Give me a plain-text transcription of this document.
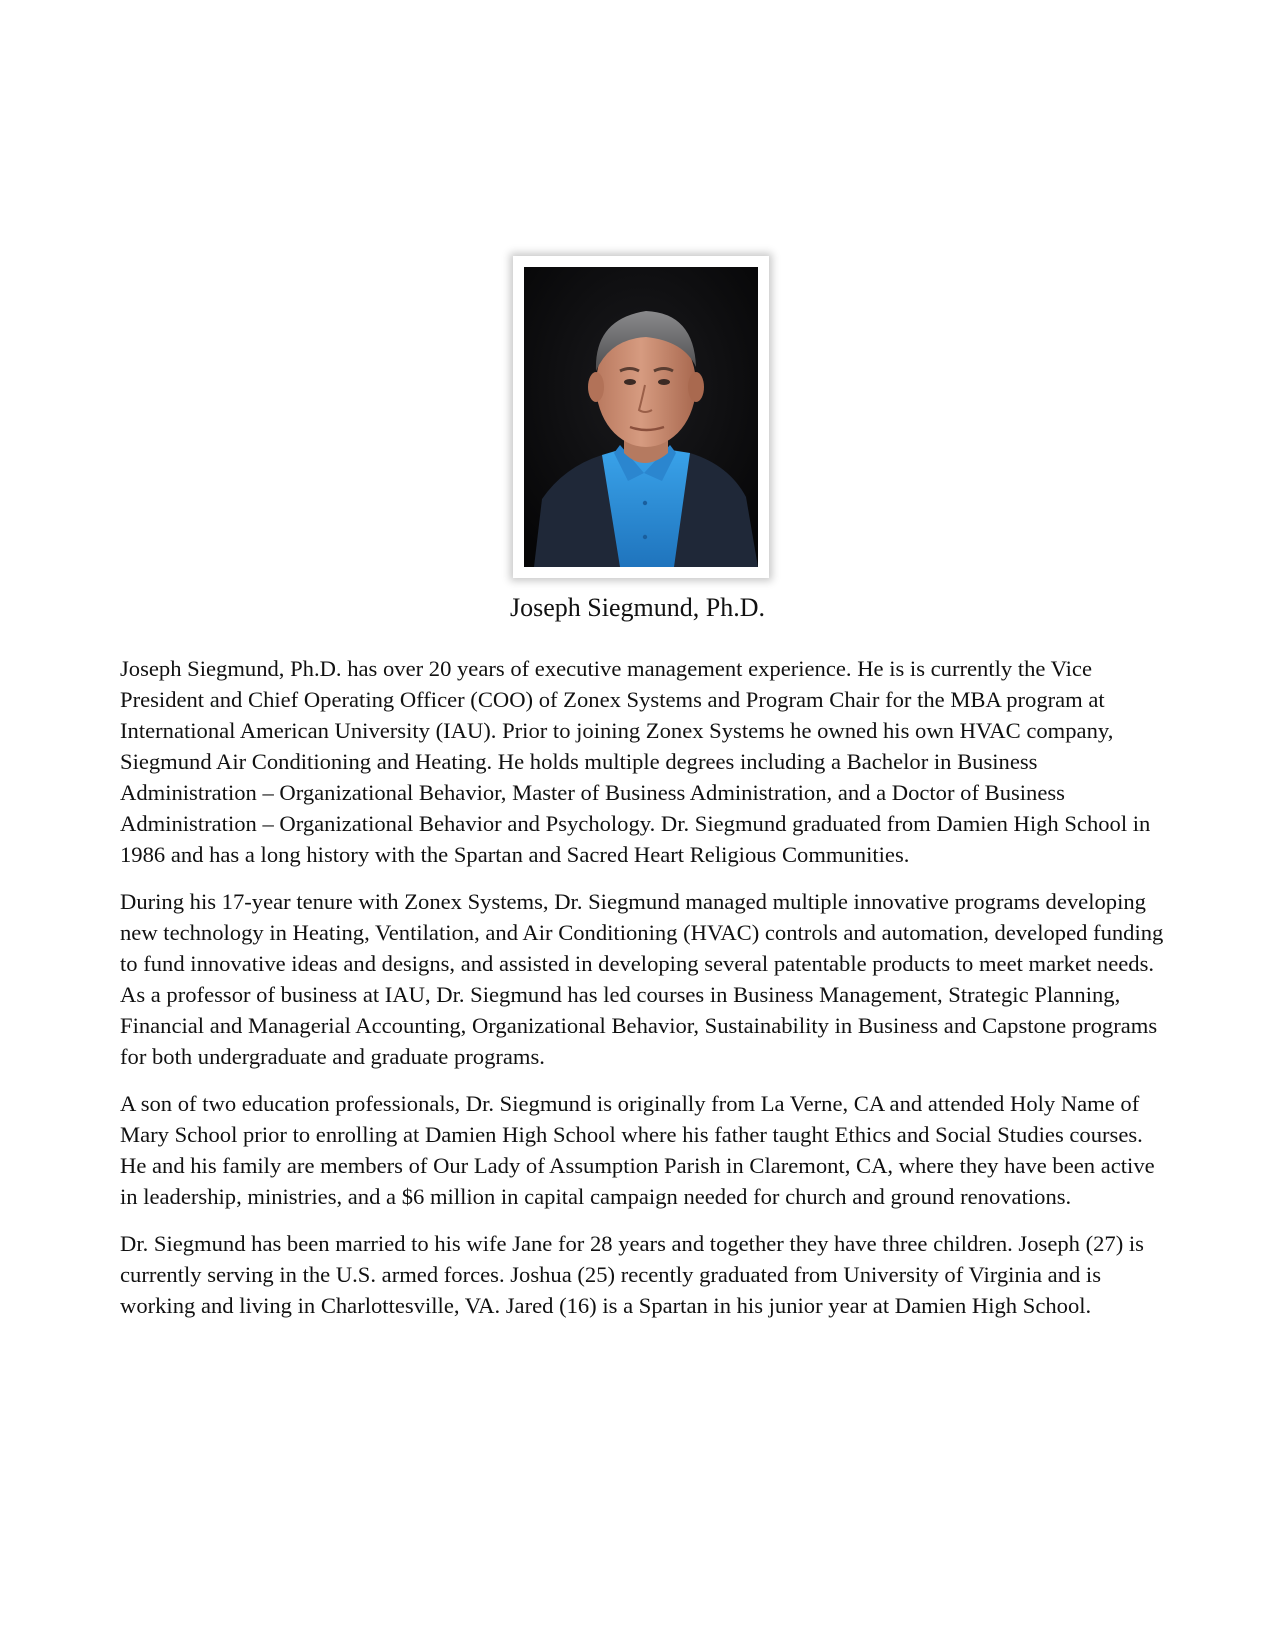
Joseph Siegmund, Ph.D.

Joseph Siegmund, Ph.D. has over 20 years of executive management experience. He is is currently the Vice President and Chief Operating Officer (COO) of Zonex Systems and Program Chair for the MBA program at International American University (IAU). Prior to joining Zonex Systems he owned his own HVAC company, Siegmund Air Conditioning and Heating. He holds multiple degrees including a Bachelor in Business Administration – Organizational Behavior, Master of Business Administration, and a Doctor of Business Administration – Organizational Behavior and Psychology. Dr. Siegmund graduated from Damien High School in 1986 and has a long history with the Spartan and Sacred Heart Religious Communities.

During his 17-year tenure with Zonex Systems, Dr. Siegmund managed multiple innovative programs developing new technology in Heating, Ventilation, and Air Conditioning (HVAC) controls and automation, developed funding to fund innovative ideas and designs, and assisted in developing several patentable products to meet market needs. As a professor of business at IAU, Dr. Siegmund has led courses in Business Management, Strategic Planning, Financial and Managerial Accounting, Organizational Behavior, Sustainability in Business and Capstone programs for both undergraduate and graduate programs.

A son of two education professionals, Dr. Siegmund is originally from La Verne, CA and attended Holy Name of Mary School prior to enrolling at Damien High School where his father taught Ethics and Social Studies courses. He and his family are members of Our Lady of Assumption Parish in Claremont, CA, where they have been active in leadership, ministries, and a $6 million in capital campaign needed for church and ground renovations.

Dr. Siegmund has been married to his wife Jane for 28 years and together they have three children. Joseph (27) is currently serving in the U.S. armed forces. Joshua (25) recently graduated from University of Virginia and is working and living in Charlottesville, VA. Jared (16) is a Spartan in his junior year at Damien High School.
